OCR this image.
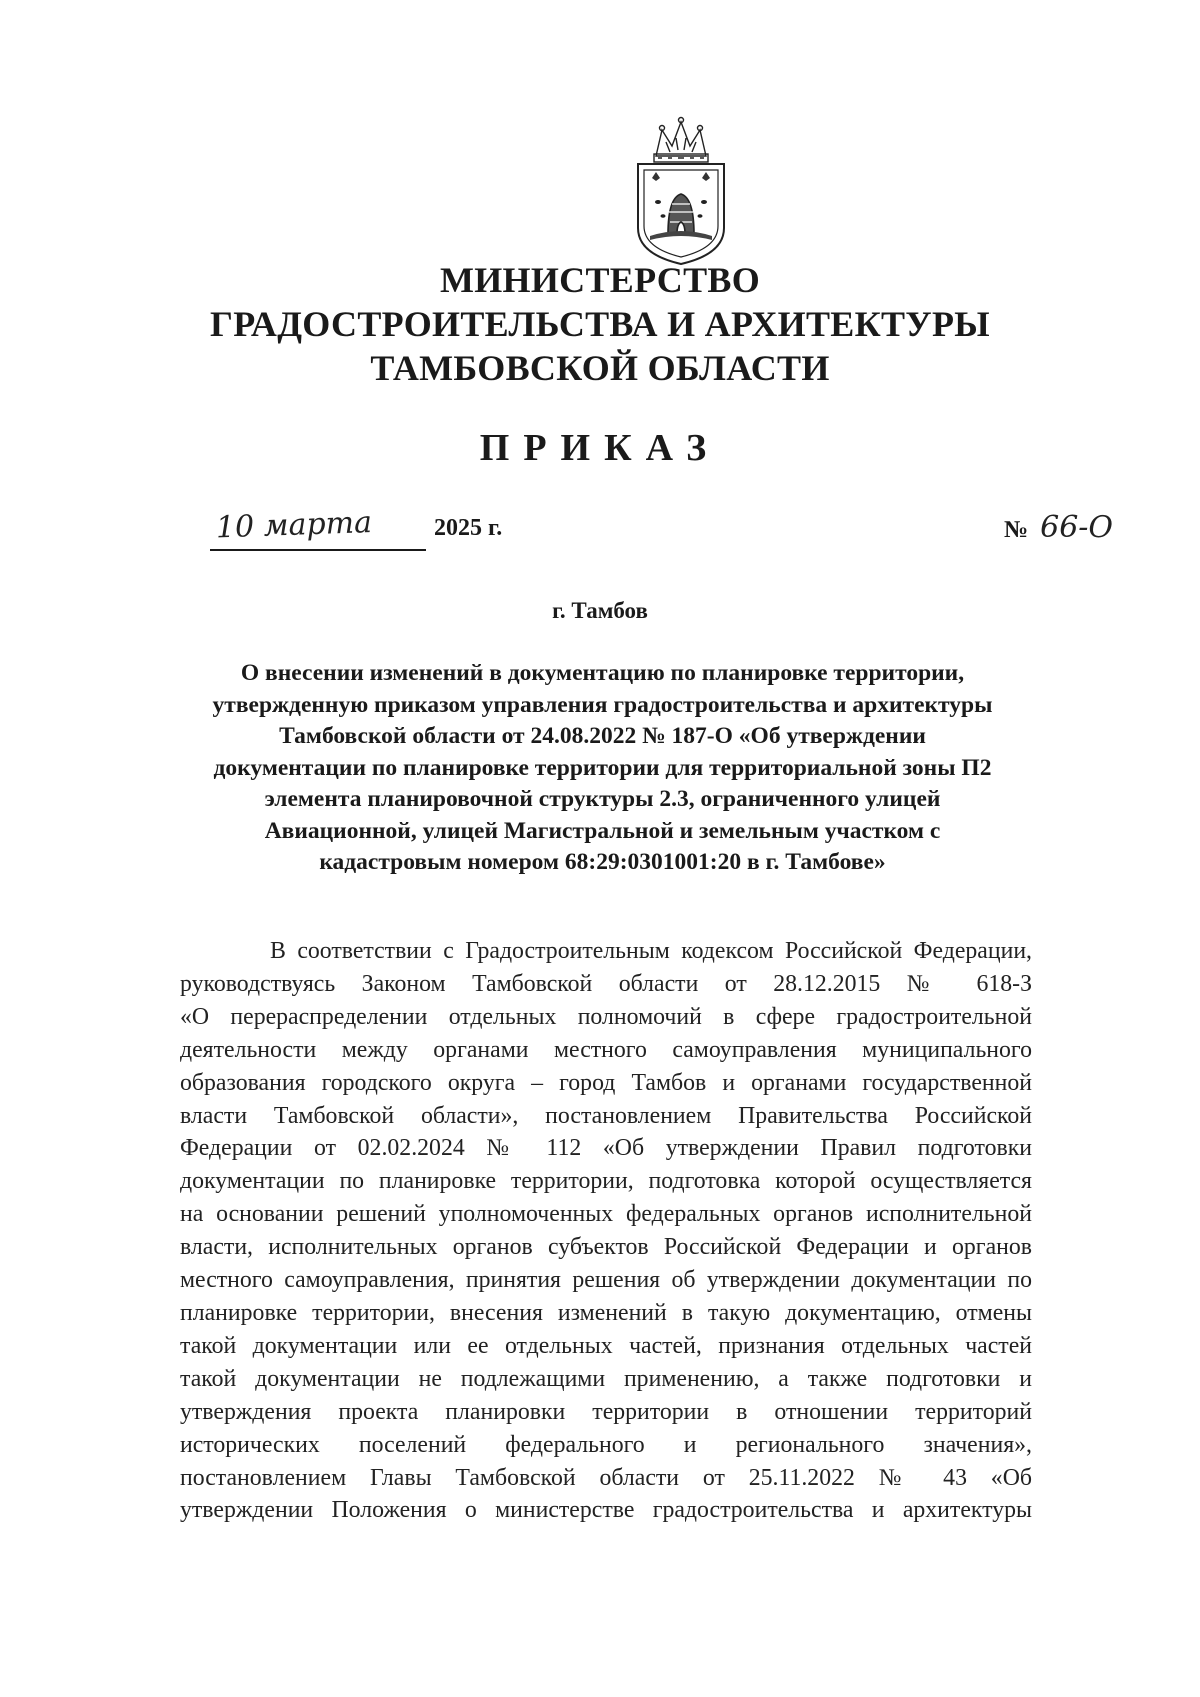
МИНИСТЕРСТВО
ГРАДОСТРОИТЕЛЬСТВА И АРХИТЕКТУРЫ
ТАМБОВСКОЙ ОБЛАСТИ
ПРИКАЗ
10 марта	2025 г.	№ 66-О

г. Тамбов

О внесении изменений в документацию по планировке территории,
утвержденную приказом управления градостроительства и архитектуры
Тамбовской области от 24.08.2022 № 187-О «Об утверждении
документации по планировке территории для территориальной зоны П2
элемента планировочной структуры 2.3, ограниченного улицей
Авиационной, улицей Магистральной и земельным участком с
кадастровым номером 68:29:0301001:20 в г. Тамбове»
В соответствии с Градостроительным кодексом Российской Федерации,
руководствуясь Законом Тамбовской области от 28.12.2015 № 618-З
«О перераспределении отдельных полномочий в сфере градостроительной
деятельности между органами местного самоуправления муниципального
образования городского округа – город Тамбов и органами государственной
власти Тамбовской области», постановлением Правительства Российской
Федерации от 02.02.2024 № 112 «Об утверждении Правил подготовки
документации по планировке территории, подготовка которой осуществляется
на основании решений уполномоченных федеральных органов исполнительной
власти, исполнительных органов субъектов Российской Федерации и органов
местного самоуправления, принятия решения об утверждении документации по
планировке территории, внесения изменений в такую документацию, отмены
такой документации или ее отдельных частей, признания отдельных частей
такой документации не подлежащими применению, а также подготовки и
утверждения проекта планировки территории в отношении территорий
исторических поселений федерального и регионального значения»,
постановлением Главы Тамбовской области от 25.11.2022 № 43 «Об
утверждении Положения о министерстве градостроительства и архитектуры
